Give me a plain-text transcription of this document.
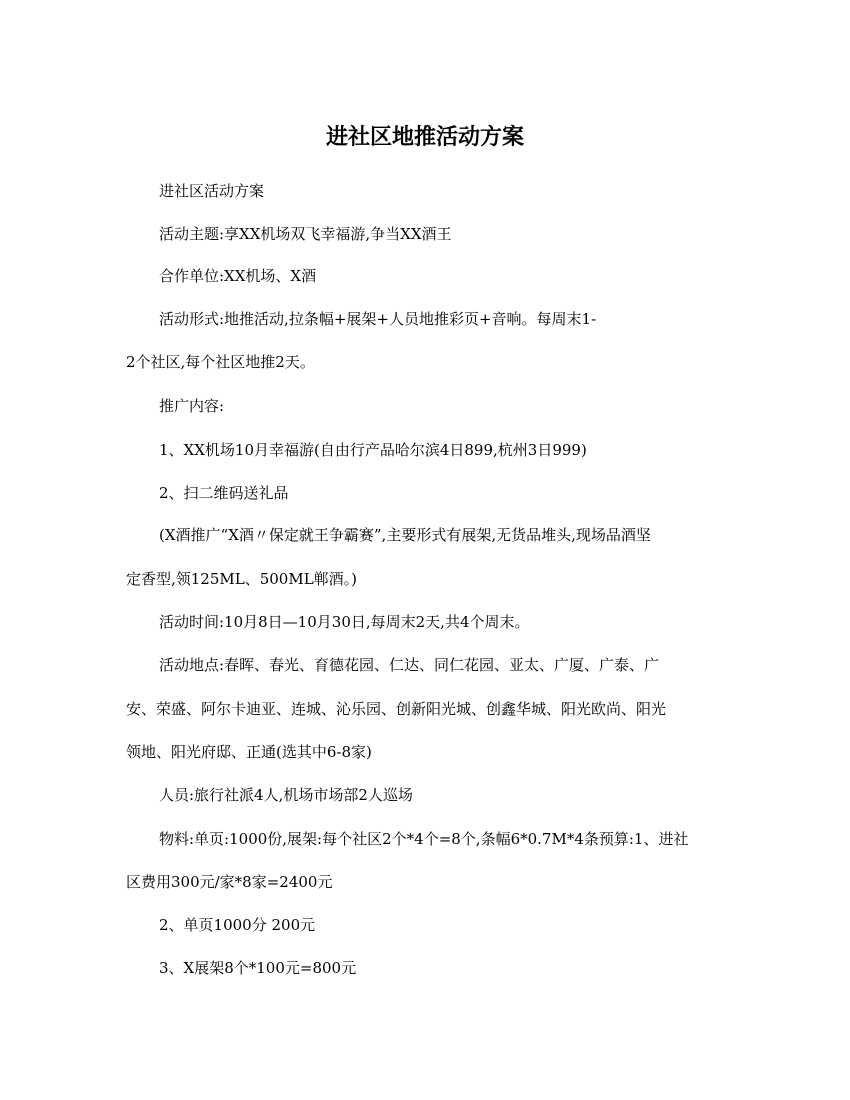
进社区地推活动方案
进社区活动方案
活动主题:享XX机场双飞幸福游,争当XX酒王
合作单位:XX机场、X酒
活动形式:地推活动,拉条幅+展架+人员地推彩页+音响。每周末1-
2个社区,每个社区地推2天。
推广内容:
1、XX机场10月幸福游(自由行产品哈尔滨4日899,杭州3日999)
2、扫二维码送礼品
(X酒推广“X酒〃保定就王争霸赛”,主要形式有展架,无货品堆头,现场品酒坚
定香型,领125ML、500ML郸酒。)
活动时间:10月8日—10月30日,每周末2天,共4个周末。
活动地点:春晖、春光、育德花园、仁达、同仁花园、亚太、广厦、广泰、广
安、荣盛、阿尔卡迪亚、连城、沁乐园、创新阳光城、创鑫华城、阳光欧尚、阳光
领地、阳光府邸、正通(选其中6-8家)
人员:旅行社派4人,机场市场部2人巡场
物料:单页:1000份,展架:每个社区2个*4个=8个,条幅6*0.7M*4条预算:1、进社
区费用300元/家*8家=2400元
2、单页1000分 200元
3、X展架8个*100元=800元
